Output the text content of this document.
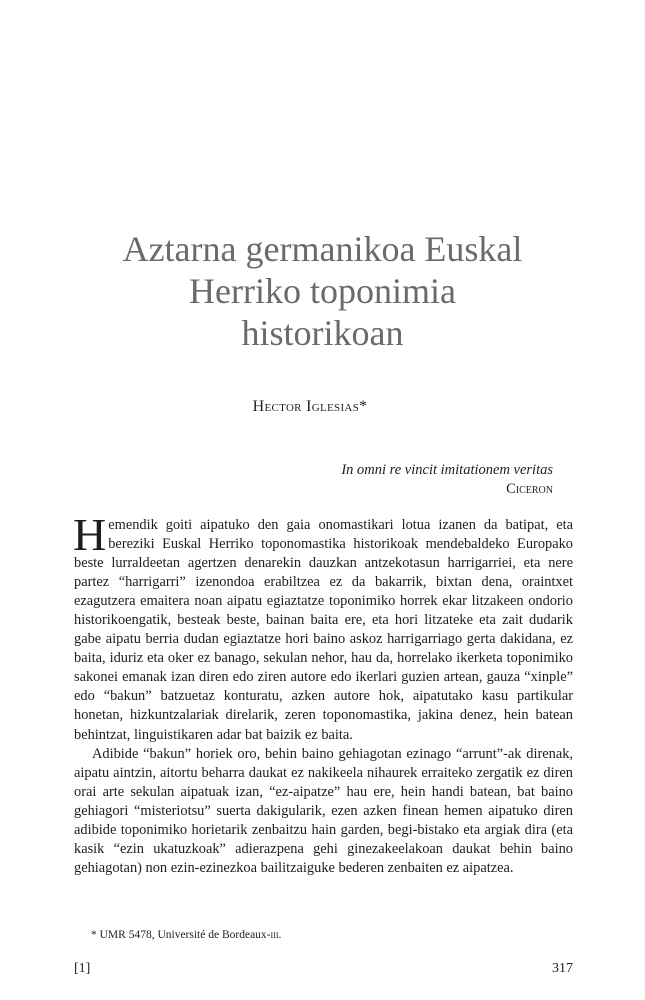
Aztarna germanikoa Euskal
Herriko toponimia
historikoan
Hector Iglesias*
In omni re vincit imitationem veritas
Ciceron

Hemendik goiti aipatuko den gaia onomastikari lotua izanen da batipat, eta bereziki Euskal Herriko toponomastika historikoak mendebaldeko Europako beste lurraldeetan agertzen denarekin dauzkan antzekotasun harrigarriei, eta nere partez “harrigarri” izenondoa erabiltzea ez da bakarrik, bixtan dena, oraintxet ezagutzera emaitera noan aipatu egiaztatze toponimiko horrek ekar litzakeen ondorio historikoengatik, besteak beste, bainan baita ere, eta hori litzateke eta zait dudarik gabe aipatu berria dudan egiaztatze hori baino askoz harrigarriago gerta dakidana, ez baita, iduriz eta oker ez banago, sekulan nehor, hau da, horrelako ikerketa toponimiko sakonei emanak izan diren edo ziren autore edo ikerlari guzien artean, gauza “xinple” edo “bakun” batzuetaz konturatu, azken autore hok, aipatutako kasu partikular honetan, hizkuntzalariak direlarik, zeren toponomastika, jakina denez, hein batean behintzat, linguistikaren adar bat baizik ez baita.

Adibide “bakun” horiek oro, behin baino gehiagotan ezinago “arrunt”-ak direnak, aipatu aintzin, aitortu beharra daukat ez nakikeela nihaurek erraiteko zergatik ez diren orai arte sekulan aipatuak izan, “ez-aipatze” hau ere, hein handi batean, bat baino gehiagori “misteriotsu” suerta dakigularik, ezen azken finean hemen aipatuko diren adibide toponimiko horietarik zenbaitzu hain garden, begi-bistako eta argiak dira (eta kasik “ezin ukatuzkoak” adierazpena gehi ginezakeelakoan daukat behin baino gehiagotan) non ezin-ezinezkoa bailitzaiguke bederen zenbaiten ez aipatzea.

* UMR 5478, Université de Bordeaux-iii.
[1]	317
